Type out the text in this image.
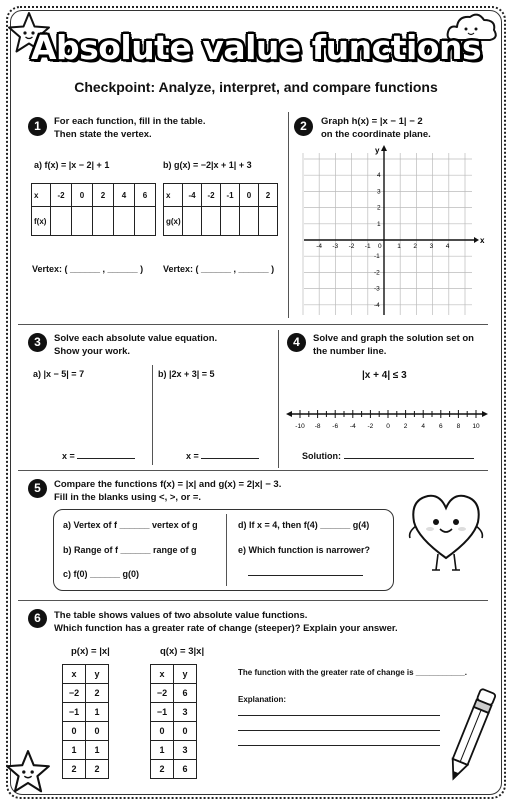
Absolute value functions
Checkpoint: Analyze, interpret, and compare functions
1	For each function, fill in the table.
Then state the vertex.
a) f(x) = |x − 2| + 1	b) g(x) = −2|x + 1| + 3
x	-2	0	2	4	6
f(x)					
x	-4	-2	-1	0	2
g(x)					
Vertex: ( ______ , ______ ) Vertex: ( ______ , ______ )
2	Graph h(x) = |x − 1| − 2
on the coordinate plane.
x
y
-4 -3 -2 -1 0 1 2 3 4
4
3
2
1
-1
-2
-3
-4
3	Solve each absolute value equation.
Show your work.
a) |x − 5| = 7	b) |2x + 3| = 5
x =	x =
4	Solve and graph the solution set on
the number line.
|x + 4| ≤ 3
-10 -8 -6 -4 -2 0 2 4 6 8 10
Solution:
5	Compare the functions f(x) = |x| and g(x) = 2|x| − 3.
Fill in the blanks using <, >, or =.
a) Vertex of f ______ vertex of g
b) Range of f ______ range of g
c) f(0) ______ g(0)
d) If x = 4, then f(4) ______ g(4)
e) Which function is narrower?
6	The table shows values of two absolute value functions.
Which function has a greater rate of change (steeper)? Explain your answer.
p(x) = |x|	q(x) = 3|x|
x	y
−2	2
−1	1
0	0
1	1
2	2
x	y
−2	6
−1	3
0	0
1	3
2	6
The function with the greater rate of change is ___________.
Explanation:
